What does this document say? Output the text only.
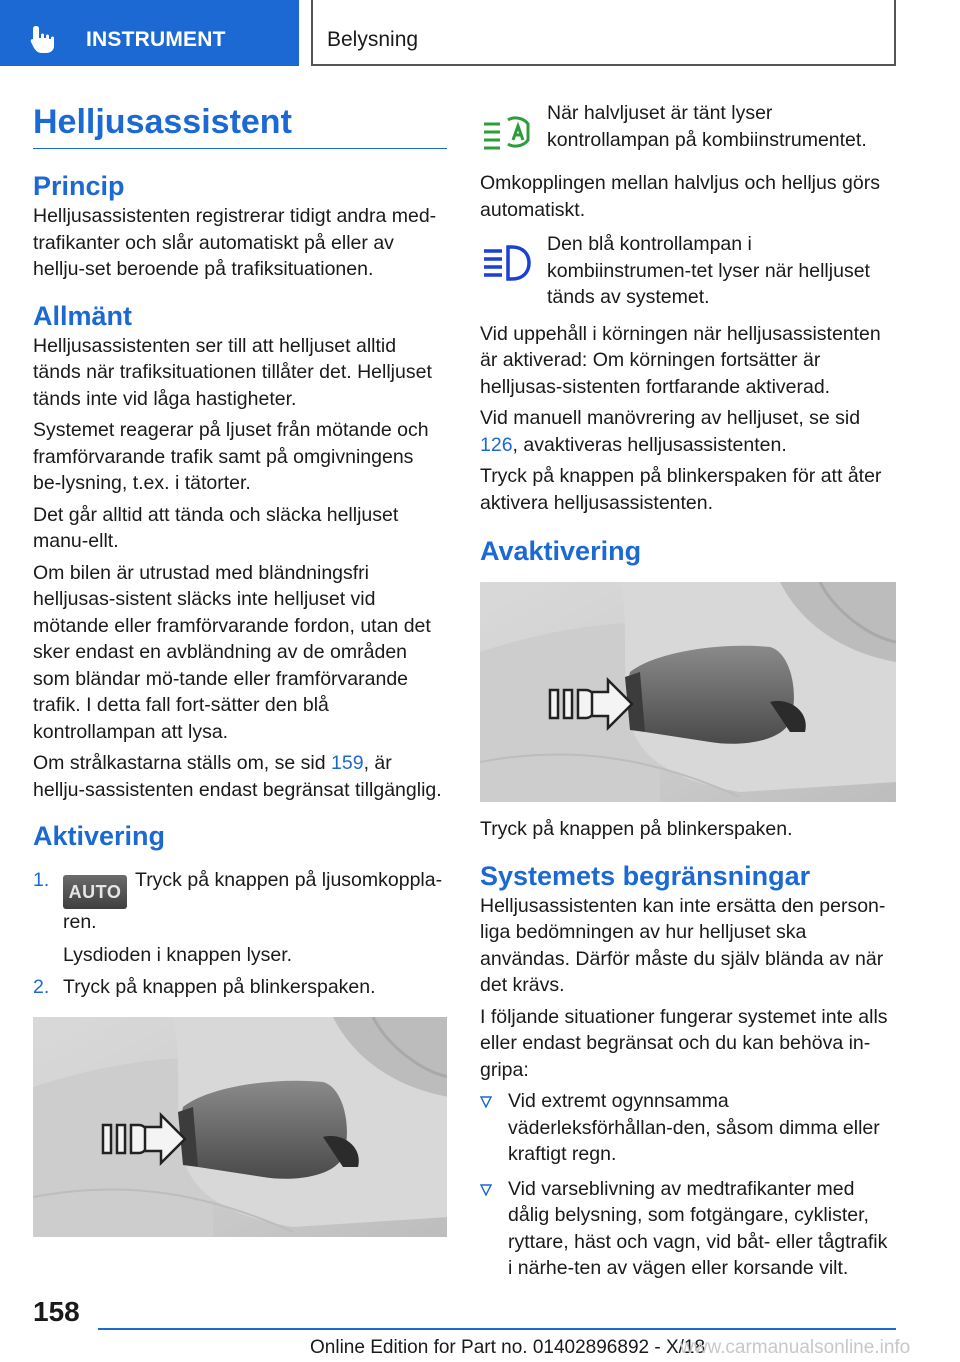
INSTRUMENT	Belysning
Helljusassistent
Princip

Helljusassistenten registrerar tidigt andra med-trafikanter och slår automatiskt på eller av hellju-set beroende på trafiksituationen.

Allmänt

Helljusassistenten ser till att helljuset alltid tänds när trafiksituationen tillåter det. Helljuset tänds inte vid låga hastigheter.

Systemet reagerar på ljuset från mötande och framförvarande trafik samt på omgivningens be-lysning, t.ex. i tätorter.

Det går alltid att tända och släcka helljuset manu-ellt.

Om bilen är utrustad med bländningsfri helljusas-sistent släcks inte helljuset vid mötande eller framförvarande fordon, utan det sker endast en avbländning av de områden som bländar mö-tande eller framförvarande trafik. I detta fall fort-sätter den blå kontrollampan att lysa.

Om strålkastarna ställs om, se sid 159, är hellju-sassistenten endast begränsat tillgänglig.

Aktivering
1.
AUTOTryck på knappen på ljusomkoppla-ren.
Lysdioden i knappen lyser.
2. Tryck på knappen på blinkerspaken.

När halvljuset är tänt lyser kontrollampan på kombiinstrumentet.

Omkopplingen mellan halvljus och helljus görs automatiskt.

Den blå kontrollampan i kombiinstrumen-tet lyser när helljuset tänds av systemet.

Vid uppehåll i körningen när helljusassistenten är aktiverad: Om körningen fortsätter är helljusas-sistenten fortfarande aktiverad.

Vid manuell manövrering av helljuset, se sid 126, avaktiveras helljusassistenten.

Tryck på knappen på blinkerspaken för att åter aktivera helljusassistenten.

Avaktivering

Tryck på knappen på blinkerspaken.

Systemets begränsningar

Helljusassistenten kan inte ersätta den person-liga bedömningen av hur helljuset ska användas. Därför måste du själv blända av när det krävs.

I följande situationer fungerar systemet inte alls eller endast begränsat och du kan behöva in-gripa:

Vid extremt ogynnsamma väderleksförhållan-den, såsom dimma eller kraftigt regn.
Vid varseblivning av medtrafikanter med dålig belysning, som fotgängare, cyklister, ryttare, häst och vagn, vid båt- eller tågtrafik i närhe-ten av vägen eller korsande vilt.
158
Online Edition for Part no. 01402896892 - X/18
www.carmanualsonline.info
